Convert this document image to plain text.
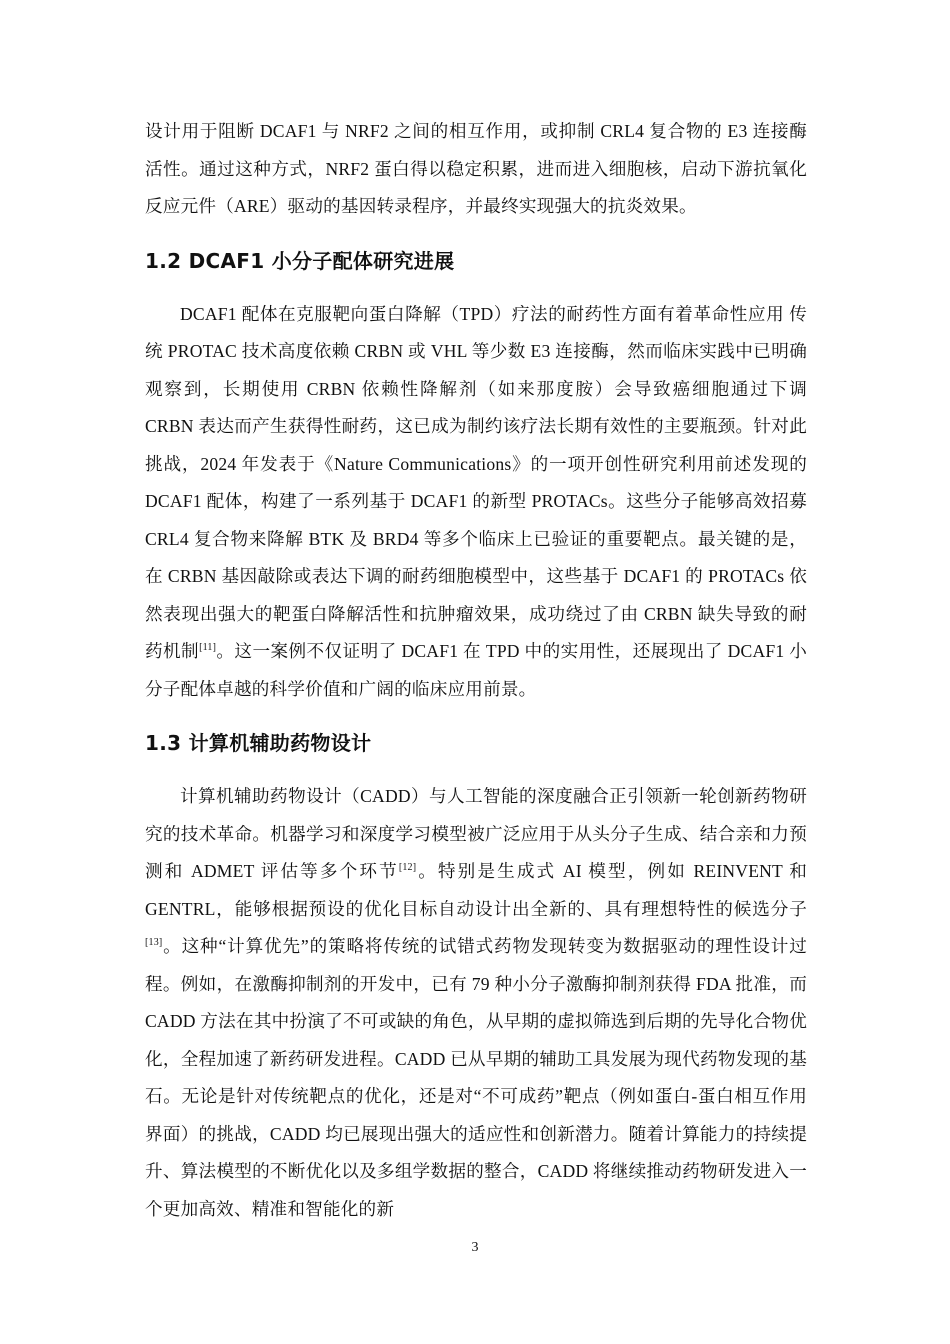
设计用于阻断 DCAF1 与 NRF2 之间的相互作用，或抑制 CRL4 复合物的 E3 连接酶活性。通过这种方式，NRF2 蛋白得以稳定积累，进而进入细胞核，启动下游抗氧化反应元件（ARE）驱动的基因转录程序，并最终实现强大的抗炎效果。

1.2 DCAF1 小分子配体研究进展

DCAF1 配体在克服靶向蛋白降解（TPD）疗法的耐药性方面有着革命性应用 传统 PROTAC 技术高度依赖 CRBN 或 VHL 等少数 E3 连接酶，然而临床实践中已明确观察到，长期使用 CRBN 依赖性降解剂（如来那度胺）会导致癌细胞通过下调 CRBN 表达而产生获得性耐药，这已成为制约该疗法长期有效性的主要瓶颈。针对此挑战，2024 年发表于《Nature Communications》的一项开创性研究利用前述发现的 DCAF1 配体，构建了一系列基于 DCAF1 的新型 PROTACs。这些分子能够高效招募 CRL4 复合物来降解 BTK 及 BRD4 等多个临床上已验证的重要靶点。最关键的是，在 CRBN 基因敲除或表达下调的耐药细胞模型中，这些基于 DCAF1 的 PROTACs 依然表现出强大的靶蛋白降解活性和抗肿瘤效果，成功绕过了由 CRBN 缺失导致的耐药机制[11]。这一案例不仅证明了 DCAF1 在 TPD 中的实用性，还展现出了 DCAF1 小分子配体卓越的科学价值和广阔的临床应用前景。

1.3 计算机辅助药物设计

计算机辅助药物设计（CADD）与人工智能的深度融合正引领新一轮创新药物研究的技术革命。机器学习和深度学习模型被广泛应用于从头分子生成、结合亲和力预测和 ADMET 评估等多个环节[12]。特别是生成式 AI 模型，例如 REINVENT 和 GENTRL，能够根据预设的优化目标自动设计出全新的、具有理想特性的候选分子[13]。这种“计算优先”的策略将传统的试错式药物发现转变为数据驱动的理性设计过程。例如，在激酶抑制剂的开发中，已有 79 种小分子激酶抑制剂获得 FDA 批准，而 CADD 方法在其中扮演了不可或缺的角色，从早期的虚拟筛选到后期的先导化合物优化，全程加速了新药研发进程。CADD 已从早期的辅助工具发展为现代药物发现的基石。无论是针对传统靶点的优化，还是对“不可成药”靶点（例如蛋白-蛋白相互作用界面）的挑战，CADD 均已展现出强大的适应性和创新潜力。随着计算能力的持续提升、算法模型的不断优化以及多组学数据的整合，CADD 将继续推动药物研发进入一个更加高效、精准和智能化的新

3
